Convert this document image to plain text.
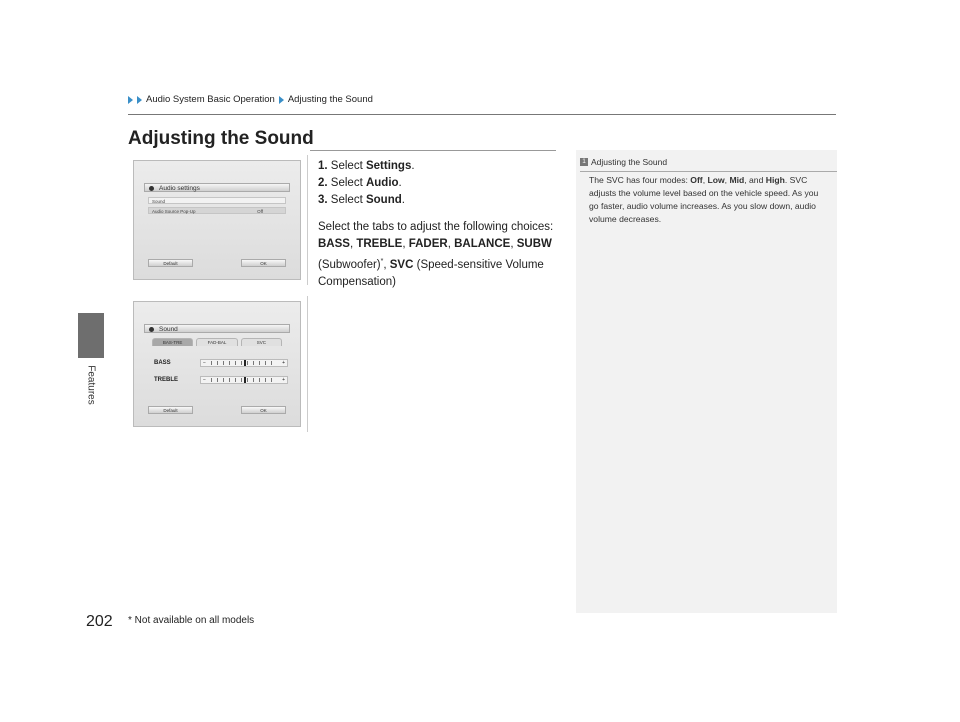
Features
Audio System Basic Operation Adjusting the Sound
Adjusting the Sound
Audio settings
Sound
Audio Source Pop-Up	Off
Default	OK
Sound
BAS-TRE	FAD-BAL	SVC
BASS	−	+
TREBLE	−	+
Default	OK

1. Select Settings.

2. Select Audio.

3. Select Sound.

Select the tabs to adjust the following choices:
BASS, TREBLE, FADER, BALANCE, SUBW
(Subwoofer)*, SVC (Speed-sensitive Volume Compensation)

1 Adjusting the Sound

The SVC has four modes: Off, Low, Mid, and High. SVC adjusts the volume level based on the vehicle speed. As you go faster, audio volume increases. As you slow down, audio volume decreases.

202 * Not available on all models
